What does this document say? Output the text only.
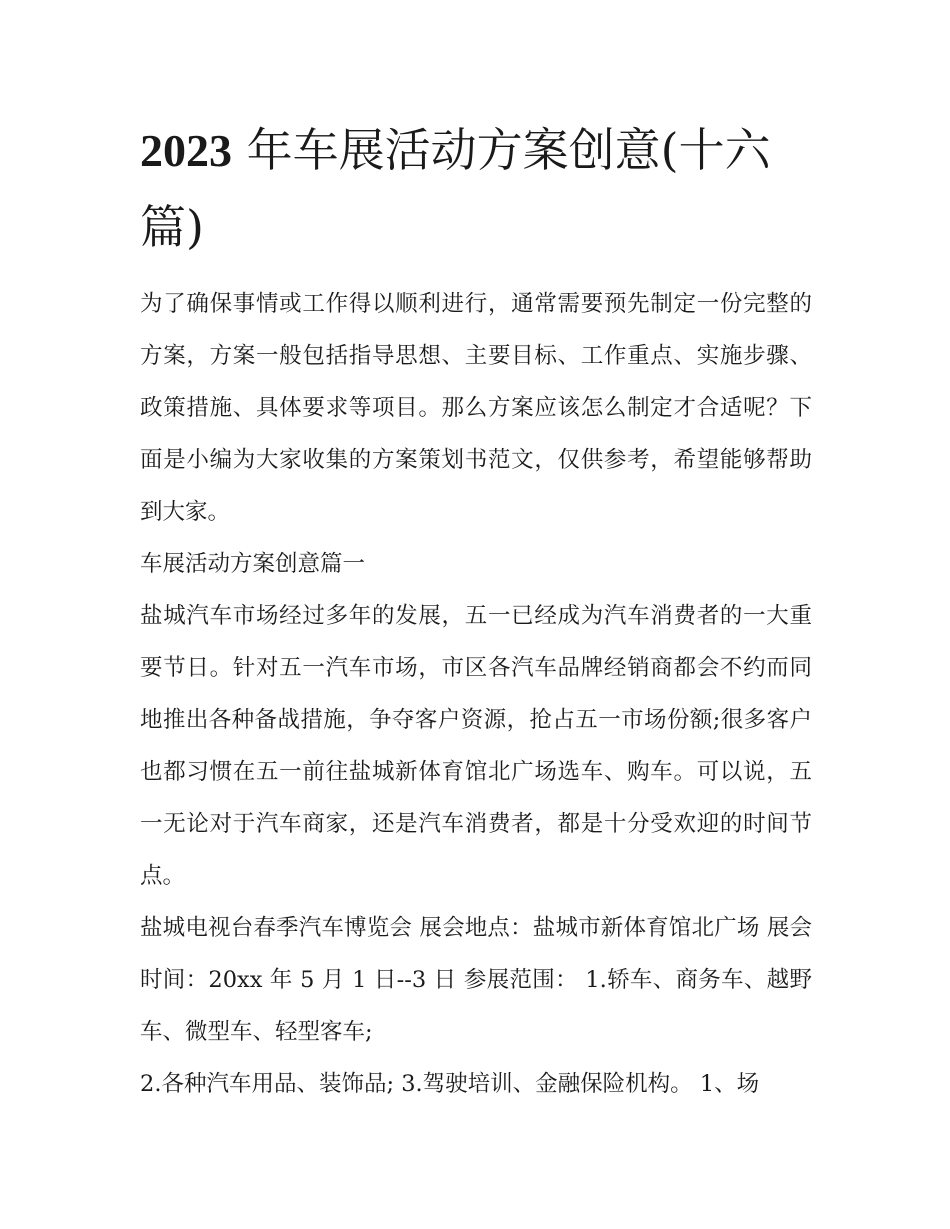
2023 年车展活动方案创意(十六篇)

为了确保事情或工作得以顺利进行，通常需要预先制定一份完整的方案，方案一般包括指导思想、主要目标、工作重点、实施步骤、政策措施、具体要求等项目。那么方案应该怎么制定才合适呢？下面是小编为大家收集的方案策划书范文，仅供参考，希望能够帮助到大家。

车展活动方案创意篇一

盐城汽车市场经过多年的发展，五一已经成为汽车消费者的一大重要节日。针对五一汽车市场，市区各汽车品牌经销商都会不约而同地推出各种备战措施，争夺客户资源，抢占五一市场份额;很多客户也都习惯在五一前往盐城新体育馆北广场选车、购车。可以说，五一无论对于汽车商家，还是汽车消费者，都是十分受欢迎的时间节点。

盐城电视台春季汽车博览会 展会地点：盐城市新体育馆北广场 展会时间：20xx 年 5 月 1 日--3 日 参展范围： 1.轿车、商务车、越野车、微型车、轻型客车;

2.各种汽车用品、装饰品; 3.驾驶培训、金融保险机构。 1、场
